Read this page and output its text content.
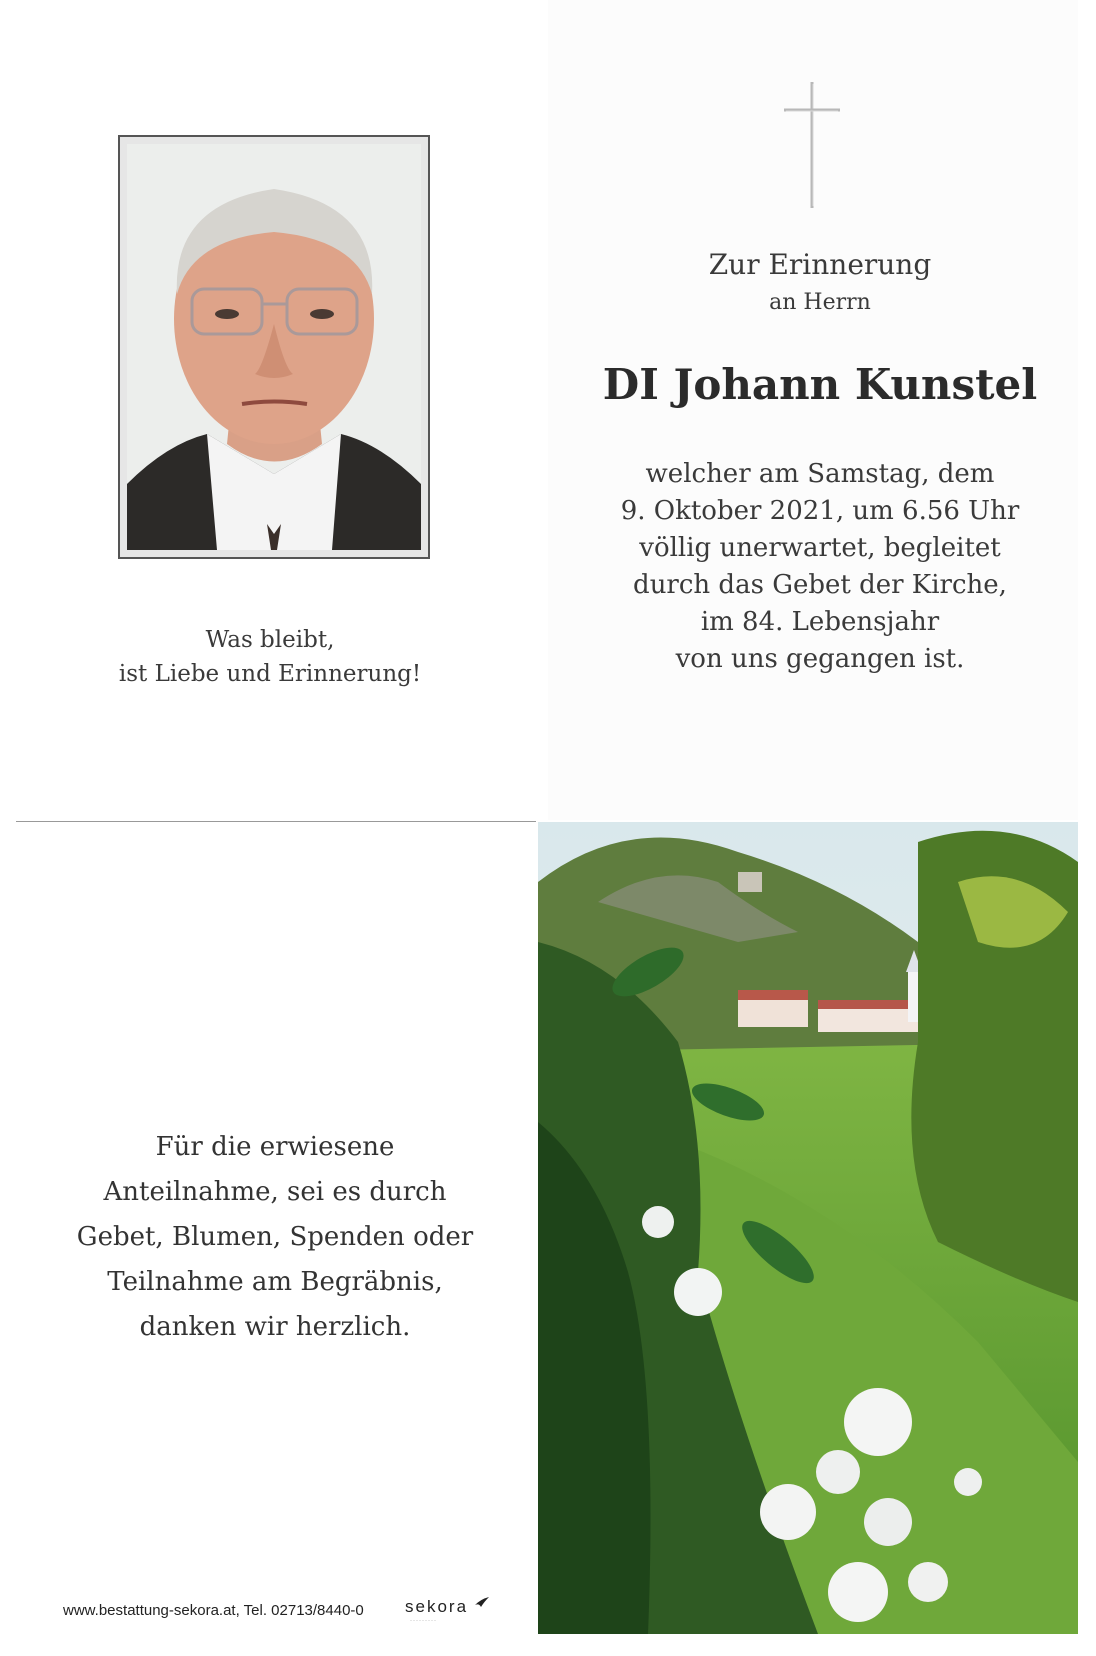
Was bleibt,
ist Liebe und Erinnerung!
Zur Erinnerung
an Herrn
DI Johann Kunstel
welcher am Samstag, dem
9. Oktober 2021, um 6.56 Uhr
völlig unerwartet, begleitet
durch das Gebet der Kirche,
im 84. Lebensjahr
von uns gegangen ist.
Für die erwiesene
Anteilnahme, sei es durch
Gebet, Blumen, Spenden oder
Teilnahme am Begräbnis,
danken wir herzlich.
www.bestattung-sekora.at, Tel. 02713/8440-0 sekora
·········
